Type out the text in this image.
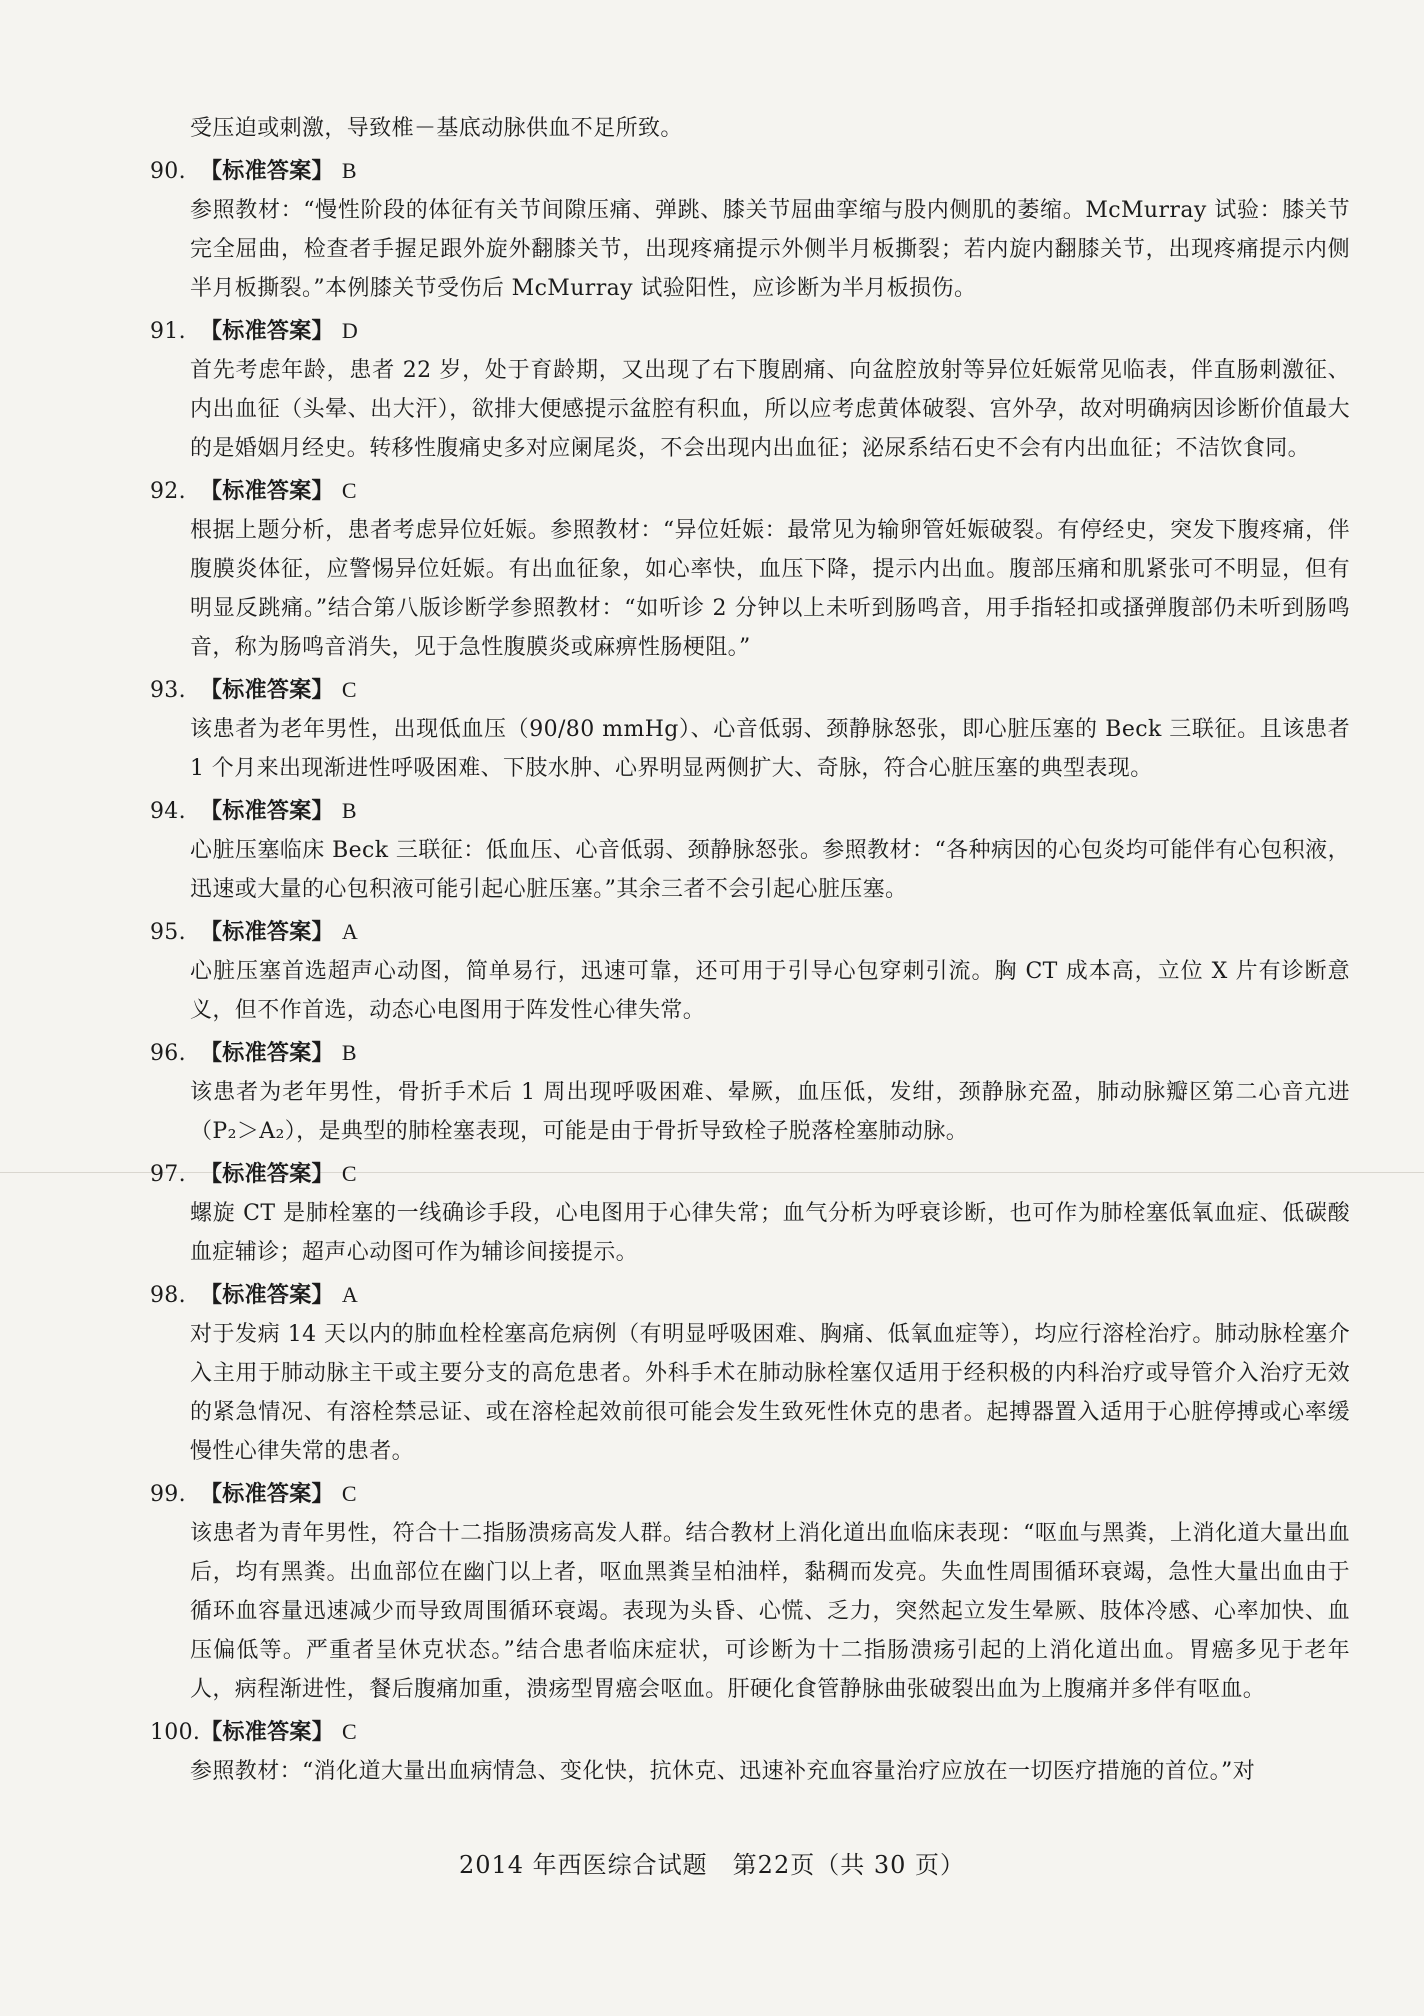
受压迫或刺激，导致椎－基底动脉供血不足所致。

90. 【标准答案】 B

参照教材：“慢性阶段的体征有关节间隙压痛、弹跳、膝关节屈曲挛缩与股内侧肌的萎缩。McMurray 试验：膝关节完全屈曲，检查者手握足跟外旋外翻膝关节，出现疼痛提示外侧半月板撕裂；若内旋内翻膝关节，出现疼痛提示内侧半月板撕裂。”本例膝关节受伤后 McMurray 试验阳性，应诊断为半月板损伤。

91. 【标准答案】 D

首先考虑年龄，患者 22 岁，处于育龄期，又出现了右下腹剧痛、向盆腔放射等异位妊娠常见临表，伴直肠刺激征、内出血征（头晕、出大汗），欲排大便感提示盆腔有积血，所以应考虑黄体破裂、宫外孕，故对明确病因诊断价值最大的是婚姻月经史。转移性腹痛史多对应阑尾炎，不会出现内出血征；泌尿系结石史不会有内出血征；不洁饮食同。

92. 【标准答案】 C

根据上题分析，患者考虑异位妊娠。参照教材：“异位妊娠：最常见为输卵管妊娠破裂。有停经史，突发下腹疼痛，伴腹膜炎体征，应警惕异位妊娠。有出血征象，如心率快，血压下降，提示内出血。腹部压痛和肌紧张可不明显，但有明显反跳痛。”结合第八版诊断学参照教材：“如听诊 2 分钟以上未听到肠鸣音，用手指轻扣或搔弹腹部仍未听到肠鸣音，称为肠鸣音消失，见于急性腹膜炎或麻痹性肠梗阻。”

93. 【标准答案】 C

该患者为老年男性，出现低血压（90/80 mmHg）、心音低弱、颈静脉怒张，即心脏压塞的 Beck 三联征。且该患者 1 个月来出现渐进性呼吸困难、下肢水肿、心界明显两侧扩大、奇脉，符合心脏压塞的典型表现。

94. 【标准答案】 B

心脏压塞临床 Beck 三联征：低血压、心音低弱、颈静脉怒张。参照教材：“各种病因的心包炎均可能伴有心包积液，迅速或大量的心包积液可能引起心脏压塞。”其余三者不会引起心脏压塞。

95. 【标准答案】 A

心脏压塞首选超声心动图，简单易行，迅速可靠，还可用于引导心包穿刺引流。胸 CT 成本高，立位 X 片有诊断意义，但不作首选，动态心电图用于阵发性心律失常。

96. 【标准答案】 B

该患者为老年男性，骨折手术后 1 周出现呼吸困难、晕厥，血压低，发绀，颈静脉充盈，肺动脉瓣区第二心音亢进（P₂＞A₂），是典型的肺栓塞表现，可能是由于骨折导致栓子脱落栓塞肺动脉。

97. 【标准答案】 C

螺旋 CT 是肺栓塞的一线确诊手段，心电图用于心律失常；血气分析为呼衰诊断，也可作为肺栓塞低氧血症、低碳酸血症辅诊；超声心动图可作为辅诊间接提示。

98. 【标准答案】 A

对于发病 14 天以内的肺血栓栓塞高危病例（有明显呼吸困难、胸痛、低氧血症等），均应行溶栓治疗。肺动脉栓塞介入主用于肺动脉主干或主要分支的高危患者。外科手术在肺动脉栓塞仅适用于经积极的内科治疗或导管介入治疗无效的紧急情况、有溶栓禁忌证、或在溶栓起效前很可能会发生致死性休克的患者。起搏器置入适用于心脏停搏或心率缓慢性心律失常的患者。

99. 【标准答案】 C

该患者为青年男性，符合十二指肠溃疡高发人群。结合教材上消化道出血临床表现：“呕血与黑粪，上消化道大量出血后，均有黑粪。出血部位在幽门以上者，呕血黑粪呈柏油样，黏稠而发亮。失血性周围循环衰竭，急性大量出血由于循环血容量迅速减少而导致周围循环衰竭。表现为头昏、心慌、乏力，突然起立发生晕厥、肢体冷感、心率加快、血压偏低等。严重者呈休克状态。”结合患者临床症状，可诊断为十二指肠溃疡引起的上消化道出血。胃癌多见于老年人，病程渐进性，餐后腹痛加重，溃疡型胃癌会呕血。肝硬化食管静脉曲张破裂出血为上腹痛并多伴有呕血。

100. 【标准答案】 C

参照教材：“消化道大量出血病情急、变化快，抗休克、迅速补充血容量治疗应放在一切医疗措施的首位。”对

2014 年西医综合试题　第22页（共 30 页）
